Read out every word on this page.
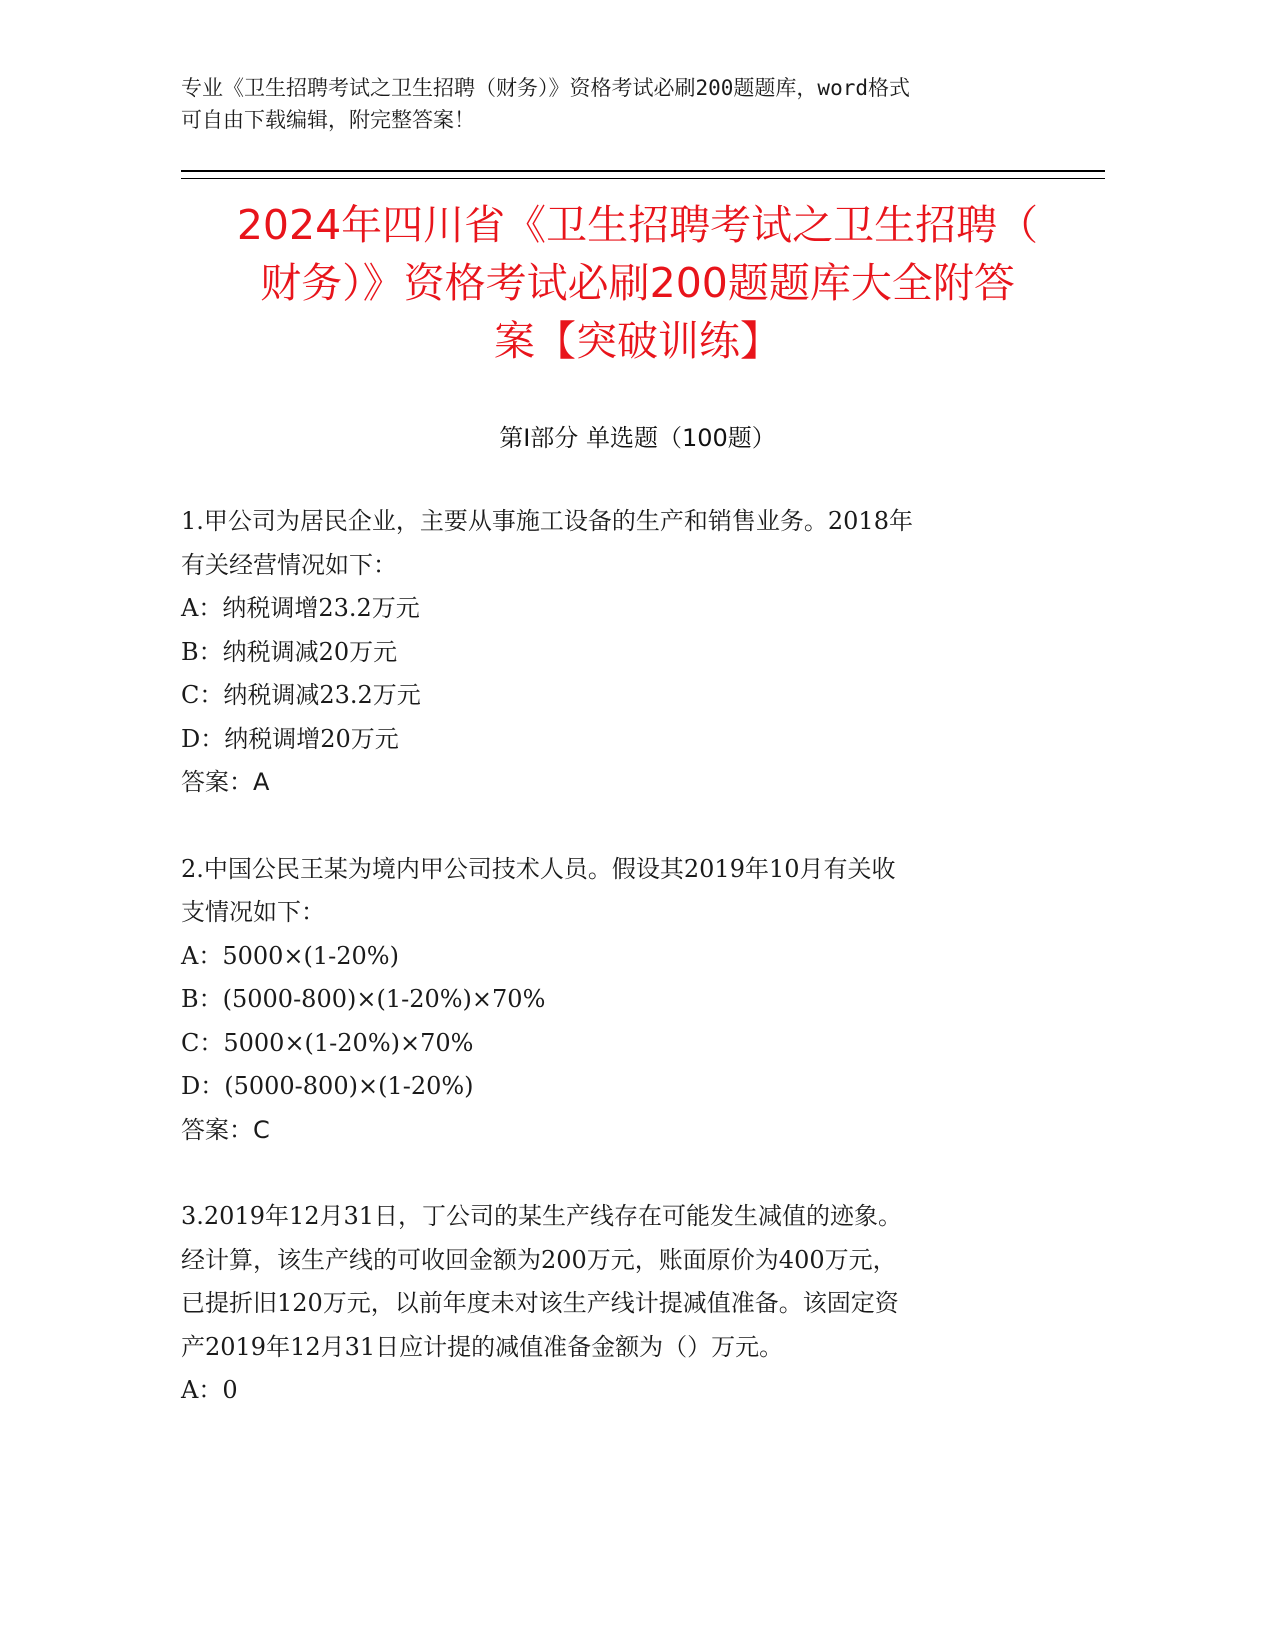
专业《卫生招聘考试之卫生招聘（财务）》资格考试必刷200题题库，word格式
可自由下载编辑，附完整答案！
2024年四川省《卫生招聘考试之卫生招聘（
财务）》资格考试必刷200题题库大全附答
案【突破训练】
第I部分 单选题（100题）
1.甲公司为居民企业，主要从事施工设备的生产和销售业务。2018年
有关经营情况如下：
A：纳税调增23.2万元
B：纳税调减20万元
C：纳税调减23.2万元
D：纳税调增20万元
答案：A
2.中国公民王某为境内甲公司技术人员。假设其2019年10月有关收
支情况如下：
A：5000×(1-20%)
B：(5000-800)×(1-20%)×70%
C：5000×(1-20%)×70%
D：(5000-800)×(1-20%)
答案：C
3.2019年12月31日，丁公司的某生产线存在可能发生减值的迹象。
经计算，该生产线的可收回金额为200万元，账面原价为400万元，
已提折旧120万元，以前年度未对该生产线计提减值准备。该固定资
产2019年12月31日应计提的减值准备金额为（）万元。
A：0
